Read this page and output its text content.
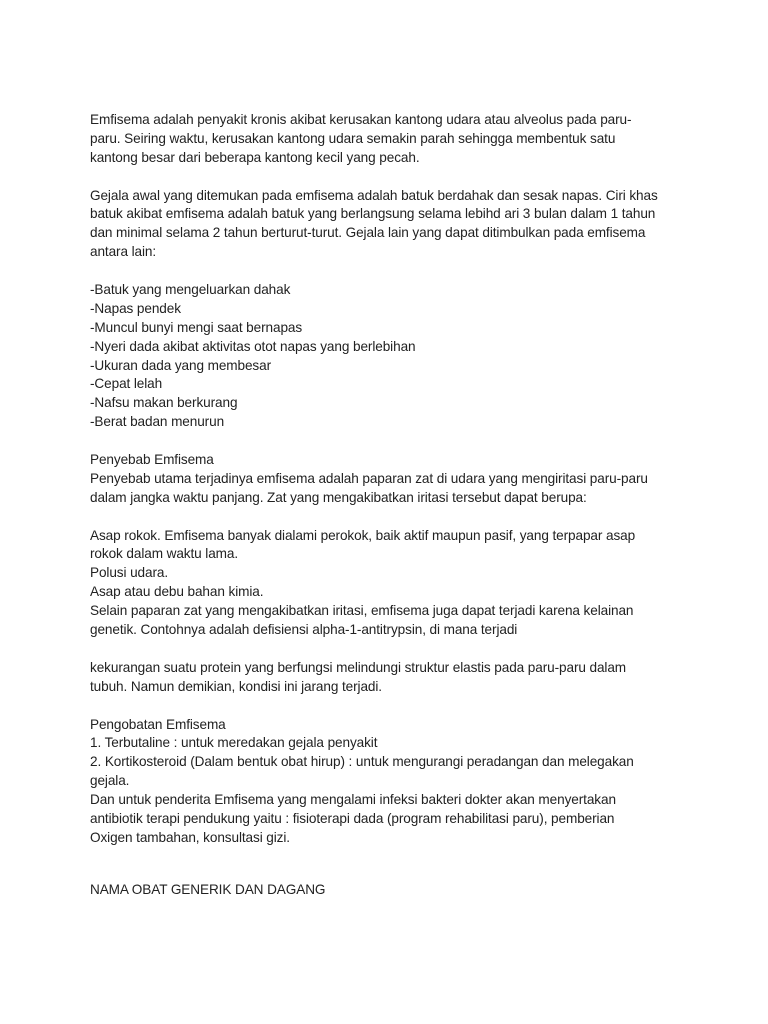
Emfisema adalah penyakit kronis akibat kerusakan kantong udara atau alveolus pada paru-
paru. Seiring waktu, kerusakan kantong udara semakin parah sehingga membentuk satu
kantong besar dari beberapa kantong kecil yang pecah.
Gejala awal yang ditemukan pada emfisema adalah batuk berdahak dan sesak napas. Ciri khas
batuk akibat emfisema adalah batuk yang berlangsung selama lebihd ari 3 bulan dalam 1 tahun
dan minimal selama 2 tahun berturut-turut. Gejala lain yang dapat ditimbulkan pada emfisema
antara lain:
-Batuk yang mengeluarkan dahak
-Napas pendek
-Muncul bunyi mengi saat bernapas
-Nyeri dada akibat aktivitas otot napas yang berlebihan
-Ukuran dada yang membesar
-Cepat lelah
-Nafsu makan berkurang
-Berat badan menurun
Penyebab Emfisema
Penyebab utama terjadinya emfisema adalah paparan zat di udara yang mengiritasi paru-paru
dalam jangka waktu panjang. Zat yang mengakibatkan iritasi tersebut dapat berupa:
Asap rokok. Emfisema banyak dialami perokok, baik aktif maupun pasif, yang terpapar asap
rokok dalam waktu lama.
Polusi udara.
Asap atau debu bahan kimia.
Selain paparan zat yang mengakibatkan iritasi, emfisema juga dapat terjadi karena kelainan
genetik. Contohnya adalah defisiensi alpha-1-antitrypsin, di mana terjadi
kekurangan suatu protein yang berfungsi melindungi struktur elastis pada paru-paru dalam
tubuh. Namun demikian, kondisi ini jarang terjadi.
Pengobatan Emfisema
1. Terbutaline : untuk meredakan gejala penyakit
2. Kortikosteroid (Dalam bentuk obat hirup) : untuk mengurangi peradangan dan melegakan
gejala.
Dan untuk penderita Emfisema yang mengalami infeksi bakteri dokter akan menyertakan
antibiotik terapi pendukung yaitu : fisioterapi dada (program rehabilitasi paru), pemberian
Oxigen tambahan, konsultasi gizi.
NAMA OBAT GENERIK DAN DAGANG
